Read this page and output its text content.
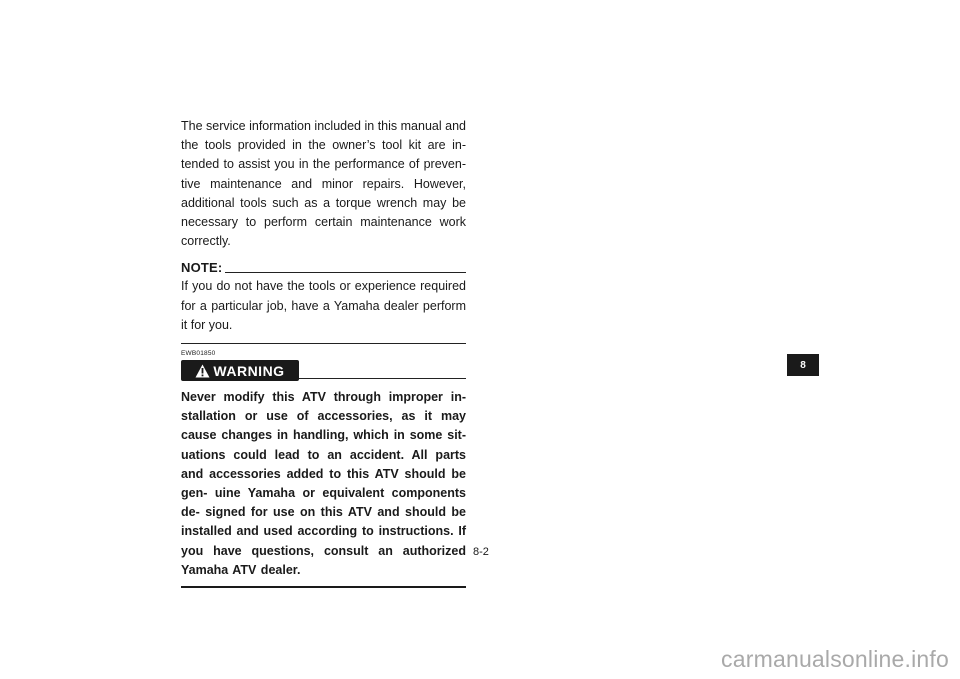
The service information included in this manual and the tools provided in the owner’s tool kit are in- tended to assist you in the performance of preven- tive maintenance and minor repairs. However, additional tools such as a torque wrench may be necessary to perform certain maintenance work correctly.

NOTE:

If you do not have the tools or experience required for a particular job, have a Yamaha dealer perform it for you.

EWB01850
WARNING

Never modify this ATV through improper in- stallation or use of accessories, as it may cause changes in handling, which in some sit- uations could lead to an accident. All parts and accessories added to this ATV should be gen- uine Yamaha or equivalent components de- signed for use on this ATV and should be installed and used according to instructions. If you have questions, consult an authorized Yamaha ATV dealer.

8-2
8
carmanualsonline.info
